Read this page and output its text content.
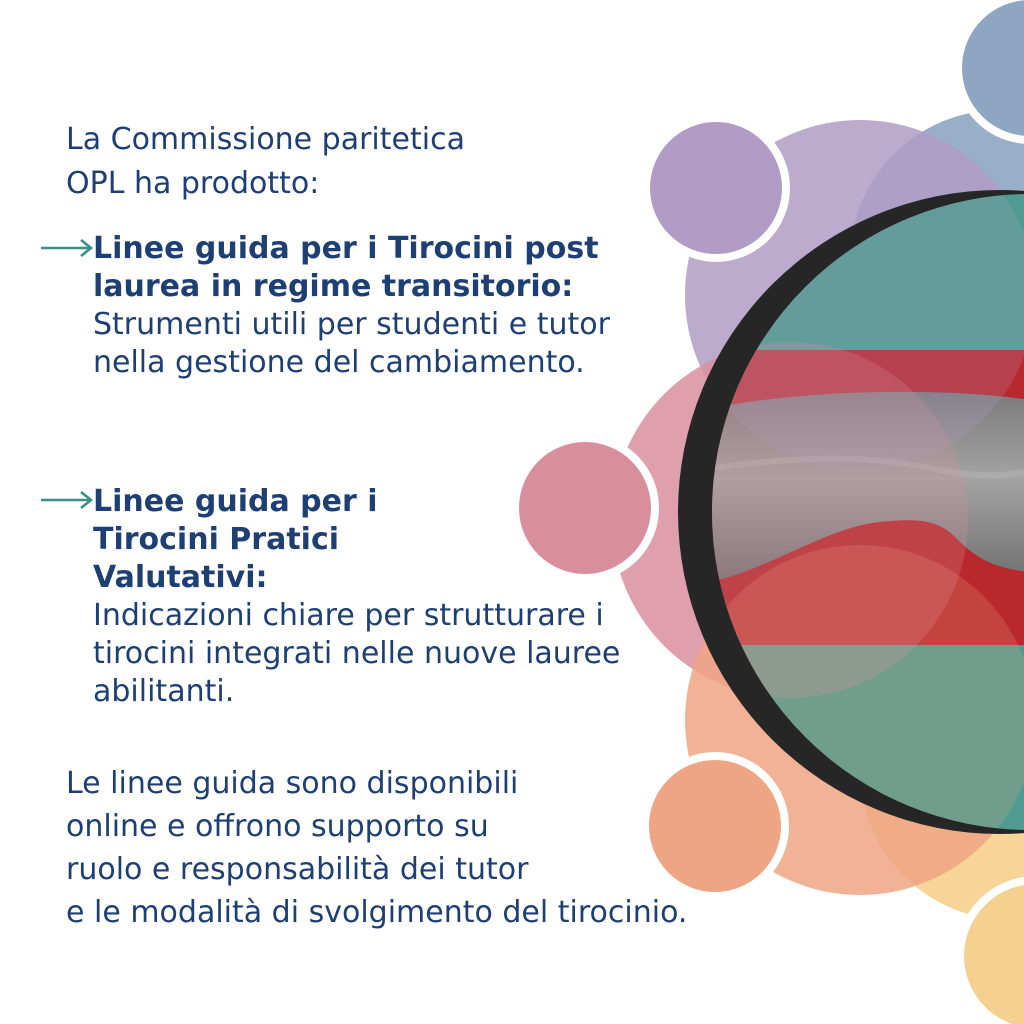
La Commissione paritetica
OPL ha prodotto:

Linee guida per i Tirocini post laurea in regime transitorio:
Strumenti utili per studenti e tutor nella gestione del cambiamento.
Linee guida per i Tirocini Pratici Valutativi:
Indicazioni chiare per strutturare i tirocini integrati nelle nuove lauree abilitanti.

Le linee guida sono disponibili
online e offrono supporto su
ruolo e responsabilità dei tutor
e le modalità di svolgimento del tirocinio.
